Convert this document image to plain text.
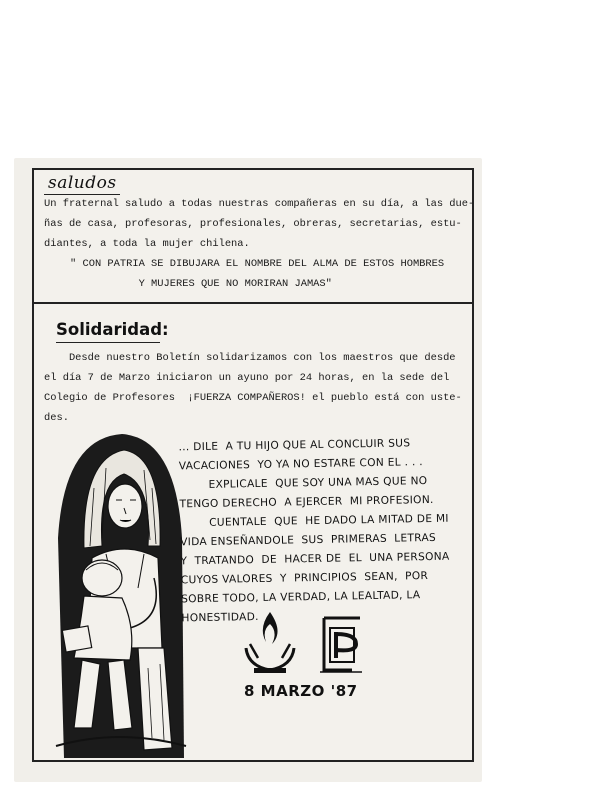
saludos
Un fraternal saludo a todas nuestras compañeras en su día, a las due-
ñas de casa, profesoras, profesionales, obreras, secretarias, estu-
diantes, a toda la mujer chilena.
" CON PATRIA SE DIBUJARA EL NOMBRE DEL ALMA DE ESTOS HOMBRES
Y MUJERES QUE NO MORIRAN JAMAS"
Solidaridad:
Desde nuestro Boletín solidarizamos con los maestros que desde
el día 7 de Marzo iniciaron un ayuno por 24 horas, en la sede del
Colegio de Profesores  ¡FUERZA COMPAÑEROS! el pueblo está con uste-
des.
... DILE  A TU HIJO QUE AL CONCLUIR SUS
VACACIONES  YO YA NO ESTARE CON EL . . .
EXPLICALE  QUE SOY UNA MAS QUE NO
TENGO DERECHO  A EJERCER  MI PROFESION.
CUENTALE  QUE  HE DADO LA MITAD DE MI
VIDA ENSEÑANDOLE  SUS  PRIMERAS  LETRAS
Y  TRATANDO  DE  HACER DE  EL  UNA PERSONA
CUYOS VALORES  Y  PRINCIPIOS  SEAN,  POR
SOBRE TODO, LA VERDAD, LA LEALTAD, LA
HONESTIDAD.
8 MARZO '87
